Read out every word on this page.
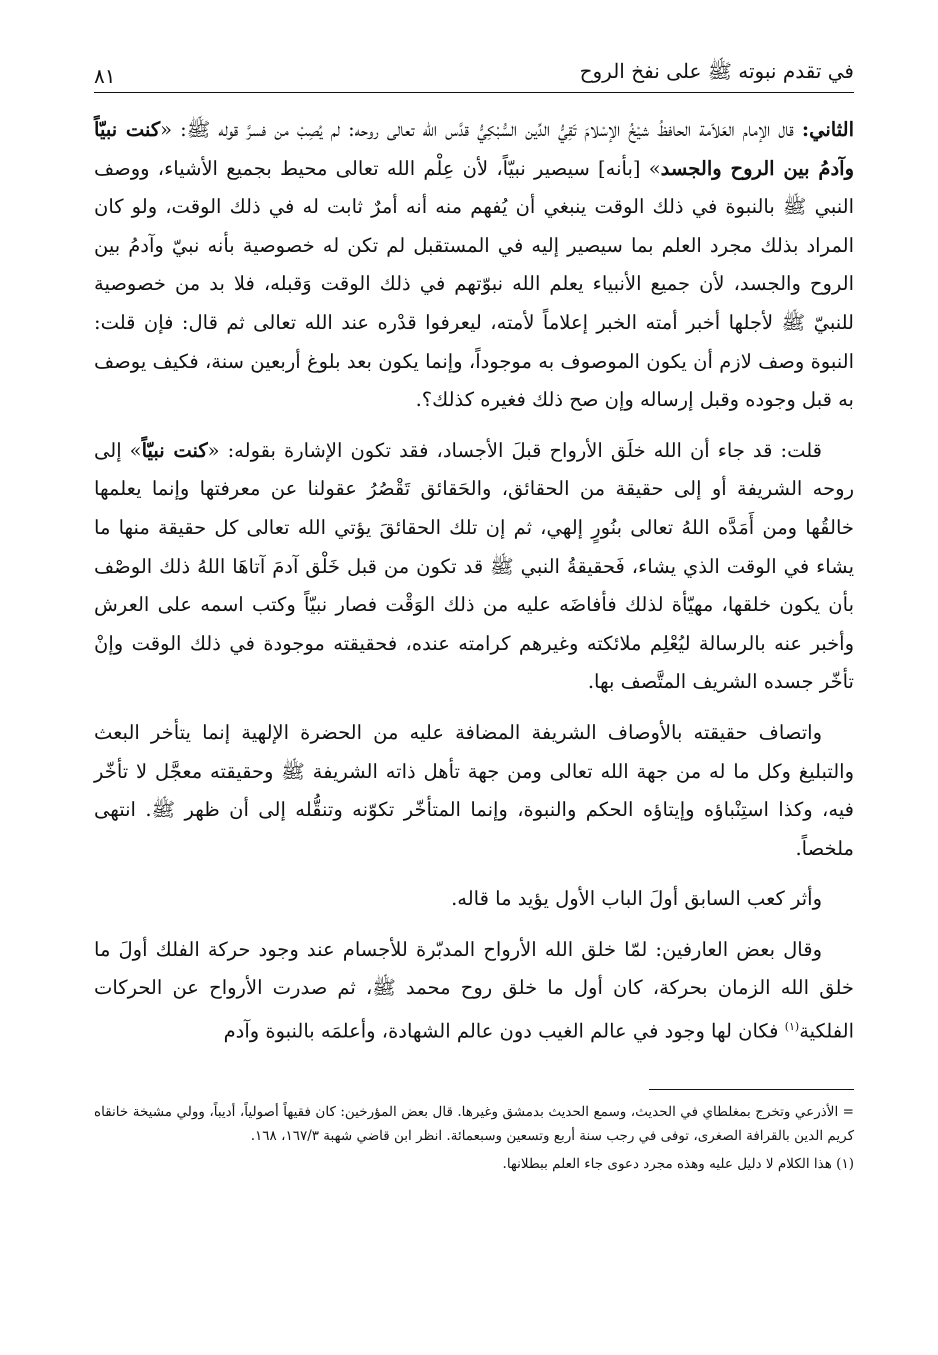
في تقدم نبوته ﷺ على نفخ الروح
٨١

الثاني: قال الإمام العَلاّمة الحافظُ شيْخُ الإسْلامَ تَقِيُّ الدِّين السُّبْكِيُّ قدَّس الله تعالى روحه: لم يُصِبْ من فسرَّ قوله ﷺ: «كنت نبيّاً وآدمُ بين الروح والجسد» [بأنه] سيصير نبيّاً، لأن عِلْم الله تعالى محيط بجميع الأشياء، ووصف النبي ﷺ بالنبوة في ذلك الوقت ينبغي أن يُفهم منه أنه أمرٌ ثابت له في ذلك الوقت، ولو كان المراد بذلك مجرد العلم بما سيصير إليه في المستقبل لم تكن له خصوصية بأنه نبيّ وآدمُ بين الروح والجسد، لأن جميع الأنبياء يعلم الله نبوّتهم في ذلك الوقت وَقبله، فلا بد من خصوصية للنبيّ ﷺ لأجلها أخبر أمته الخبر إعلاماً لأمته، ليعرفوا قدْره عند الله تعالى ثم قال: فإن قلت: النبوة وصف لازم أن يكون الموصوف به موجوداً، وإنما يكون بعد بلوغ أربعين سنة، فكيف يوصف به قبل وجوده وقبل إرساله وإن صح ذلك فغيره كذلك؟.

قلت: قد جاء أن الله خلَق الأرواح قبلَ الأجساد، فقد تكون الإشارة بقوله: «كنت نبيّاً» إلى روحه الشريفة أو إلى حقيقة من الحقائق، والحَقائق تَقْصُرُ عقولنا عن معرفتها وإنما يعلمها خالقُها ومن أَمَدَّه اللهُ تعالى بنُورٍ إلهي، ثم إن تلك الحقائقَ يؤتي الله تعالى كل حقيقة منها ما يشاء في الوقت الذي يشاء، فَحقيقةُ النبي ﷺ قد تكون من قبل خَلْق آدمَ آتاهَا اللهُ ذلك الوصْف بأن يكون خلقها، مهيّأة لذلك فأفاضَه عليه من ذلك الوَقْت فصار نبيّاً وكتب اسمه على العرش وأخبر عنه بالرسالة ليُعْلِم ملائكته وغيرهم كرامته عنده، فحقيقته موجودة في ذلك الوقت وإنْ تأخّر جسده الشريف المتَّصف بها.

واتصاف حقيقته بالأوصاف الشريفة المضافة عليه من الحضرة الإلهية إنما يتأخر البعث والتبليغ وكل ما له من جهة الله تعالى ومن جهة تأهل ذاته الشريفة ﷺ وحقيقته معجَّل لا تأخّر فيه، وكذا استِنْباؤه وإيتاؤه الحكم والنبوة، وإنما المتأخّر تكوّنه وتنقُّله إلى أن ظهر ﷺ. انتهى ملخصاً.

وأثر كعب السابق أولَ الباب الأول يؤيد ما قاله.

وقال بعض العارفين: لمّا خلق الله الأرواح المدبّرة للأجسام عند وجود حركة الفلك أولَ ما خلق الله الزمان بحركة، كان أول ما خلق روح محمد ﷺ، ثم صدرت الأرواح عن الحركات الفلكية$^{(١)}$ فكان لها وجود في عالم الغيب دون عالم الشهادة، وأعلمَه بالنبوة وآدم

= الأذرعي وتخرج بمغلطاي في الحديث، وسمع الحديث بدمشق وغيرها. قال بعض المؤرخين: كان فقيهاً أصولياً، أديباً، وولي مشيخة خانقاه كريم الدين بالقرافة الصغرى، توفى في رجب سنة أربع وتسعين وسبعمائة. انظر ابن قاضي شهبة ١٦٧/٣، ١٦٨.

(١) هذا الكلام لا دليل عليه وهذه مجرد دعوى جاء العلم ببطلانها.
